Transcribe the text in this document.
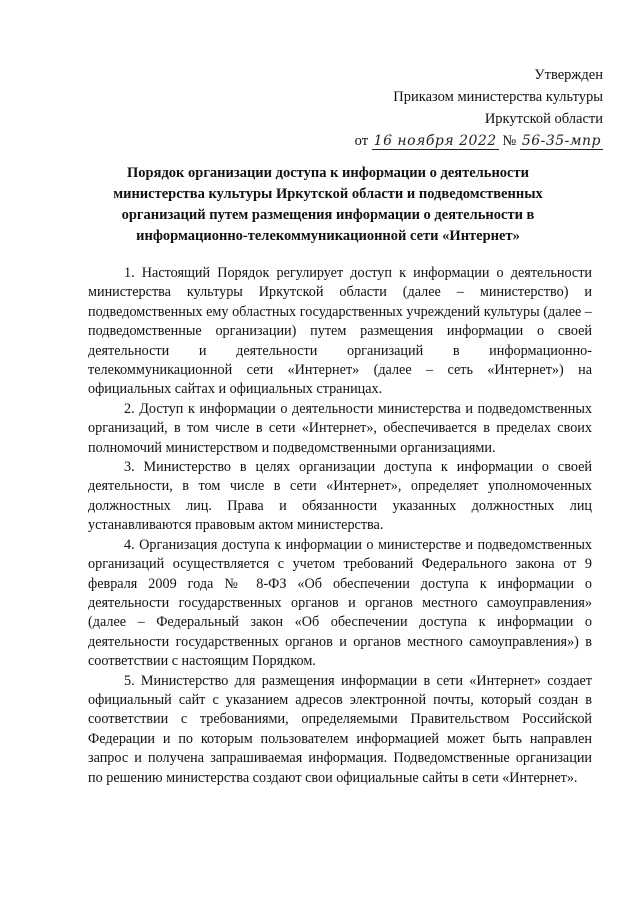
Утвержден
Приказом министерства культуры
Иркутской области
от 16 ноября 2022 № 56-35-мпр
Порядок организации доступа к информации о деятельности
министерства культуры Иркутской области и подведомственных
организаций путем размещения информации о деятельности в
информационно-телекоммуникационной сети «Интернет»

1. Настоящий Порядок регулирует доступ к информации о деятельности министерства культуры Иркутской области (далее – министерство) и подведомственных ему областных государственных учреждений культуры (далее – подведомственные организации) путем размещения информации о своей деятельности и деятельности организаций в информационно-телекоммуникационной сети «Интернет» (далее – сеть «Интернет») на официальных сайтах и официальных страницах.

2. Доступ к информации о деятельности министерства и подведомственных организаций, в том числе в сети «Интернет», обеспечивается в пределах своих полномочий министерством и подведомственными организациями.

3. Министерство в целях организации доступа к информации о своей деятельности, в том числе в сети «Интернет», определяет уполномоченных должностных лиц. Права и обязанности указанных должностных лиц устанавливаются правовым актом министерства.

4. Организация доступа к информации о министерстве и подведомственных организаций осуществляется с учетом требований Федерального закона от 9 февраля 2009 года № 8-ФЗ «Об обеспечении доступа к информации о деятельности государственных органов и органов местного самоуправления» (далее – Федеральный закон «Об обеспечении доступа к информации о деятельности государственных органов и органов местного самоуправления») в соответствии с настоящим Порядком.

5. Министерство для размещения информации в сети «Интернет» создает официальный сайт с указанием адресов электронной почты, который создан в соответствии с требованиями, определяемыми Правительством Российской Федерации и по которым пользователем информацией может быть направлен запрос и получена запрашиваемая информация. Подведомственные организации по решению министерства создают свои официальные сайты в сети «Интернет».
